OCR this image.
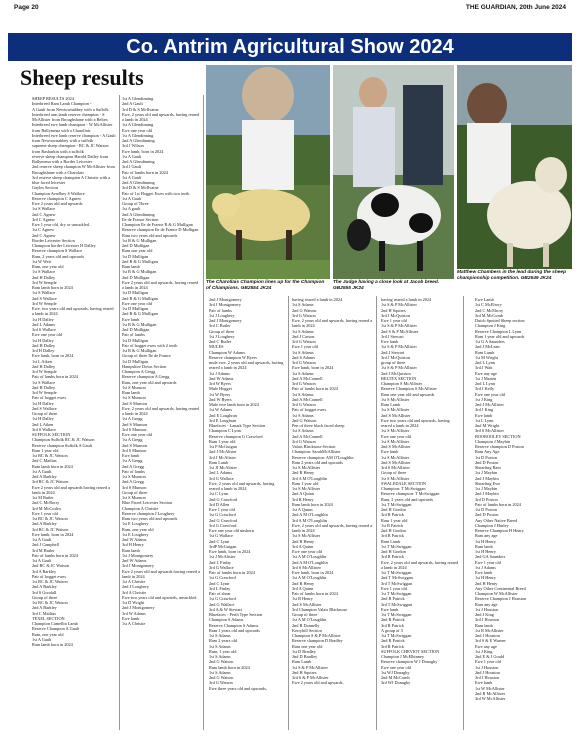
Page 20	THE GUARDIAN, 20th June 2024
Co. Antrim Agricultural Show 2024
Sheep results
The Charollais Champion lines up for the Champion of Champions. GB2554 JK24
The Judge having a close look at Jacob breed. GB2555 JK24
Matthew Chambers in the lead during the sheep championship competition. GB2549 JK24
SHEEP RESULTS 2024
Interbreed Ram Lamb Champion -
A Gault from Newtownabbey with a Suffolk
Interbreed ram lamb reserve champion - S McAllister from Broughshane with a Beltex
Interbreed ewe lamb champion - W McAllister from Ballymena with a Charollais
Interbreed ewe lamb reserve champion - A Gault from Newtownabbey with a suffolk
supreme sheep champion - RC & JC Watson from Rasharkin with a suffolk
reserve sheep champion Harold Dalley from Ballymena with a Border Leicester
2nd reserve sheep champion W McAllister from Broughshane with a Charolais
3rd reserve sheep champion A Christie with a blue faced leicester
Gayles Section
Champion Avrelhey S Wallace
Reserve champion C Agnew
Ewe 2 years old and upwards
1st S Wallace
2nd C Agnew
3rd C Agnew
Ewe 1 year old, dry or unsuckled.
1st C Agnew
2nd C Agnew
Border Leicester Section
Champion border Leicester H Dalley
Reserve champion S Wallace
Ram, 2 years old and upwards
1st W Weir
Ram, one year old
1st S Wallace
2nd H Dalley
3rd W Semple
Ram lamb born in 2024
1st S Wallace
2nd S Wallace
3rd W Semple
Ewe, two years old and upwards, having reared a lamb in 2024
1st H Dalley
2nd L Adams
3rd S Wallace
Ewe one year old
1st H Dalley
2nd H Dalley
3rd H Dalley
Ewe lamb, born in 2024
1st L Aiken
2nd H Dalley
3rd W Semple
Pair of lambs born in 2024
1st S Wallace
2nd H Dalley
3rd W Semple
Pair of hogget ewes
1st H Dalley
2nd S Wallace
Group of three
1st H Dalley
2nd L Aiken
3rd S Wallace
SUFFOLK SECTION
Champion Suffolk RC & JC Watson
Reserve champion Suffolk A Gault
Ram 1 year old
1st RC & JC Watson
2nd C Mailtus
Ram lamb born in 2024
1st A Gault
2nd A Barkley
3rd RC & JC Watson
Ewe 2 years old and upwards having reared a lamb in 2024
1st M Butler
2nd C McRorry
3rd M McCoslin
Ewe 1 year old
1st RC & JC Watson
2nd A Barkley
3rd RC & JC Watson
Ewe lamb, born in 2024
1st A Gault
2nd J Campbell
3rd M Butler
Pair of lambs born in 2024
1st A Gault
2nd RC & JC Watson
3rd A Barkley
Pair of hogget ewes
1st RC & JC Watson
2nd A Barkley
3rd S Goodall
Group of three
1st RC & JC Watson
2nd A Barkley
3rd C Mailtus
TEXEL SECTION
Champion Camellin Lamb
Reserve Champion A Gault
Ram, one year old
1st A Gault
Ram lamb born in 2024
1st A Glendinning
2nd A Gault
3rd D & S McIlvaine
Ewe, 2 years old and upwards, having reared a lamb in 2024
1st A Glendinning
Ewe one year old
1st A Glendinning
2nd A Glendinning
3rd J Wilson
Ewe lamb, born in 2024
1st A Gault
2nd A Glendinning
3rd J Gault
Pair of lambs born in 2024
1st A Gault
2nd A Glendinning
3rd D & S McIlvaine
Pair of 1st Hogget Ewes with two teeth
1st A Gault
Group of Three
1st A gault
2nd A Glendinning
Ile de France Section
Champion Ile de France R & G Mulligan
Reserve champion Ile de France D Mulligan
Ram two years old and upwards
1st R & G Mulligan
2nd D Mulligan
Ram one year old
1st D Mulligan
2nd R & G Mulligan
Ram lamb
1st R & G Mulligan
2nd D Mulligan
Ewe 2 years old and upwards, having reared a lamb in 2024
1st D Mulligan
2nd R & G Mulligan
Ewe one year old
1st D Mulligan
2nd R & G Mulligan
Ewe lamb
1st R & G Mulligan
2nd D Mulligan
Pair of lambs
1st D Mulligan
Pair of hogget ewes with 2 teeth
1st R & G Mulligan
Group of three Ile de France
1st D Mulligan
Hampshire Down Section
Champion A Gregg
Reserve champion A Gregg
Ram, one year old and upwards
1st S Munson
Ram lamb
1st S Munson
2nd S Munson
Ewe, 2 years old and upwards, having reared a lamb in 2024
1st A Gregg
2nd S Munson
3rd S Munson
Ewe one year old
1st A Gregg
2nd S Munson
3rd S Munson
Ewe lamb
1st A Gregg
2nd A Gregg
Pair of lambs
1st S Munson
2nd A Gregg
3rd S Munson
Group of three
1st S Munson
Blue Faced Leicester Section
Champion A Christie
Reserve champion J Loughery
Ram two years old and upwards
1st E Loughery
Ram, one year old
1st E Loughery
2nd W Adams
3rd H Henry
Ram lamb
1st J Montgomery
2nd W Adams
3rd J Montgomery
Ewe 2 years old and upwards having reared a lamb in 2024
1st A Christie
2nd J Loughery
3rd A Christie
Ewe two years old and upwards, unsuckled
1st D Wright
2nd J Montgomery
3rd W Adams
Ewe lamb
1st A Christie
2nd J Montgomery
3rd J Montgomery
Pair of lambs
1st J Loughery
2nd J Montgomery
3rd C Butler
Group of three
1st J Loughery
2nd C Butler
MULES
Champion W Adams
Reserve champion W Byers
mule ewe, 2 years old and upwards, having reared a lamb in 2024
1st J Adams
2nd W Adams
3rd W Byers
Mule Hogget
1st W Byers
2nd W Byers
Mule ewe lamb born in 2024
1st W Adams
2nd E Loughran
3rd E Loughran
Bluefaces - Lanark Type Section
Champion C Lynn
Reserve champion G Crawford
Ram 1 year old
1st P McGuigan
2nd J McAlister
3rd J McAlister
Ram Lamb
1st JJ McAlister
2nd L Adams
3rd G Wallace
Ewe, 2 years old and upwards, having reared a lamb in 2024
1st C Lynn
2nd G Crawford
3rd D Allen
Ewe 1 year old
1st G Crawford
2nd G Crawford
3rd G Crawford
Ewe one year old unshorn
1st G Wallace
2nd C Lynn
3rdP McGuigan
Ewe lamb, born in 2024
1st J McAlister
2nd L Finlay
3rd G Wallace
Pair of lambs born in 2024
1st G Crawford
2nd C Lynn
3rd L Finlay
Pair of shear
1st G Crawford
2nd G Wallace
3rd A & W Stewart
Bluefaces - Perth Type Section
Champion S Adams
Reserve Champion S Adams
Ram 1 years old and upwards
1st S Adams
Ram 2 years old
1st S Adams
Ram, 1 year old
1st S Adams
2nd G Watson
Ram lamb born in 2024
1st S Adams
2nd G Watson
3rd G Watson
Ewe three years old and upwards,
having reared a lamb in 2024
1st S Adams
2nd G Watson
3rd G Watson
Ewe, 2 years old and upwards, having reared a lamb in 2024
1st S Adams
2nd J Carson
3rd G Watson
Ewe 1 year old
1st S Adams
2nd S Adams
3rd G Watson
Ewe lamb, born in 2024
1st S Adams
2nd A McConnell
3rd G Watson
Pair of lambs born in 2024
1st S Adams
2nd A McConnell
3rd G Watson
Pair of hogget ewes
1st S Adams
2nd G Watson
Pen of three black faced sheep
1st S Adams
2nd A McConnell
3rd G Watson
Valais Blacknose Section
Champion: SarahMcAllister
Reserve champion: AM O'Loughlin
Ram 2 years old and upwards
1st S McAllister
2nd R Henry
3rd A M O'Loughlin
Ram 1 year old
1st S McAllister
2nd A Quinn
3rd R Henry
Ram lamb born in 2024
1st A Quinn
2nd A M O'Loughlin
3rd A M O'Loughlin
Ewe, 2 years old and upwards, having reared a lamb in 2024
1st S McAllister
2nd R Henry
3rd A Quinn
Ewe one year old
1st A M O'Loughlin
2nd A M O'Loughlin
3rd S McAllister
Ewe lamb, born in 2024
1st A M O'Loughlin
2nd R Henry
3rd A Quinn
Pair of lambs born in 2024
1st R Henry
2nd S McAllister
3rd Champion Valais Blacknose
Group of three
1st A M O'Loughlin
2nd B Donnelly
Kerryhill Section
Champion S & P McAllister
Reserve champion D Bradley
Ram one year old
1st D Bradley
2nd D Bradley
Ram Lamb
1st S & P McAllister
2nd H Squires
3rd S & P McAllister
Ewe 2 years old and upwards,
having reared a lamb in 2024
1st S & P McAllister
2nd H Squires
3rd J McQuiston
Ewe 1 year old
1st S & P McAllister
2nd S & P McAllister
3rd J Stewart
Ewe lamb
1st S & P McAllister
2nd J Stewart
3rd J McQuiston
group of three
1st S & P McAllister
2nd J McQuiston
BELTEX SECTION
Champion S McAllister
Reserve Champion S McAllister
Ram one year old and upwards
1st S McAllister
Ram Lamb
1st S McAllister
2nd S McAllister
Ewe two years old and upwards, having reared a lamb in 2024
1st S McAllister
Ewe one year old
1st S McAllister
2nd S McAllister
Ewe lamb
1st S McAllister
2nd S McAllister
3rd S McAllister
Group of three
1st S McAllister
SWALEDALE SECTION
Champion: T McSwiggan
Reserve champion: T McSwiggan
Ram, 2 years old and upwards
1st T McSwiggan
2nd H Gordon
3rd R Patrick
Ram 1 year old
1st R Patrick
2nd H Gordon
3rd R Patrick
Ram Lamb
1st T McSwiggan
2nd H Gordon
3rd R Patrick
Ewe, 2 years old and upwards, having reared a lamb in 2024
1st T McSwiggan
2nd T McSwiggan
3rd T McSwiggan
Ewe 1 year old
1st T McSwiggan
2nd R Patrick
3rd T McSwiggan
Ewe lamb
1st T McSwiggan
2nd R Patrick
3rd R Patrick
A group of 3
1st T McSwiggan
2nd R Patrick
3rd R Patrick
SUFFOLK CHEVIOT SECTION
Champion J McElhinney
Reserve champion W J Donaghy
Ewe one year old
1st WJ Donaghy
2nd M McComb
3rd WJ Donaghy
Ewe Lamb
1st C McElrory
2nd C McElrory
3rd M McComb
Dutch Spotted Sheep section
Champion J King
Reserve Champion L Lynn
Ram 1 year old and upwards
1st G A Saunders
2nd J McLean
Ram Lamb
1st M Wright
2nd L Lynn
3rd J Watt
Ewe any age
1st J Marten
2nd L Lynn
3rd J Kelly
Ewe one year old
1st J King
2nd J McAllister
3rd J King
Ewe lamb
1st L Lynn
2nd M Wright
3rd S McAllister
BOOROOLEY SECTION
Champion J Maybin
Reserve champion D Poston
Ram Any Age
1st D Poston
2nd D Poston
Shearling Ram
1st J Maybin
2nd J Maybin
Shearling Ewe
1st J Maybin
2nd J Maybin
3rd D Poston
Pair of lambs born in 2024
1st D Poston
2nd D Poston
Any Other Native Breed
Champion J Hurley
Reserve Champion H Henry
Ram any age
1st H Henry
Ram lamb
1st H Henry
2nd GA Saunders
Ewe 1 year old
1st J Adams
Ewe lamb
1st H Henry
2nd H Henry
Any Other Continental Breed
Champion W McAllister
Reserve Champion J Houston
Ram any age
1st J Houston
2nd J King
3rd J Houston
Ram lamb
1st R McAllister
2nd J Houston
3rd S & E Warner
Ewe any age
1st J King
2nd E & J Gould
Ewe 1 year old
1st J Houston
2nd J Houston
3rd J Houston
Ewe lamb
1st W McAllister
2nd R McAllister
3rd W McAllister
